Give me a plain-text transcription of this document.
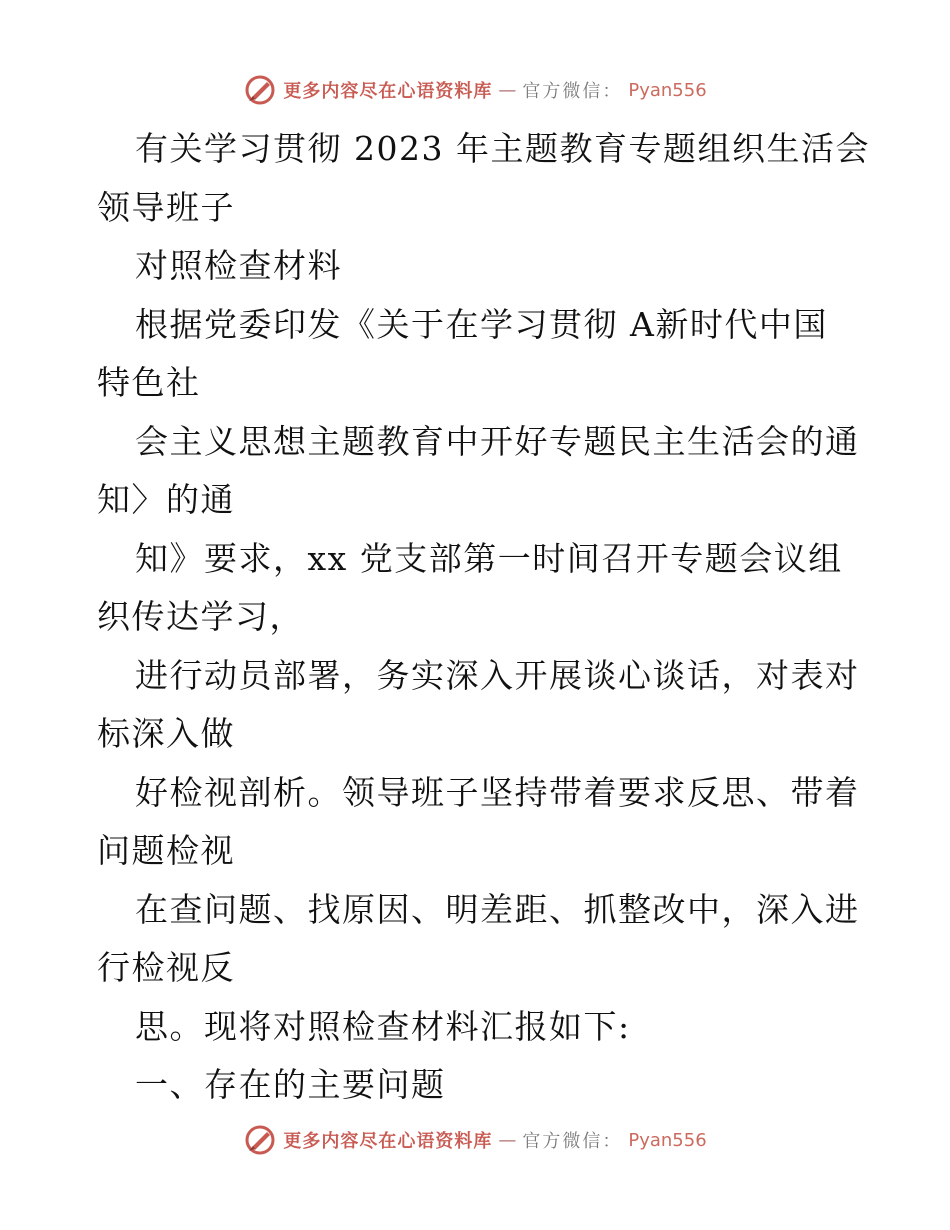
更多内容尽在心语资料库 — 官方微信： Pyan556
有关学习贯彻 2023 年主题教育专题组织生活会
领导班子
对照检查材料
根据党委印发《关于在学习贯彻 A新时代中国
特色社
会主义思想主题教育中开好专题民主生活会的通
知〉的通
知》要求，xx 党支部第一时间召开专题会议组
织传达学习，
进行动员部署，务实深入开展谈心谈话，对表对
标深入做
好检视剖析。领导班子坚持带着要求反思、带着
问题检视
在查问题、找原因、明差距、抓整改中，深入进
行检视反
思。现将对照检查材料汇报如下:
一、存在的主要问题
更多内容尽在心语资料库 — 官方微信： Pyan556
